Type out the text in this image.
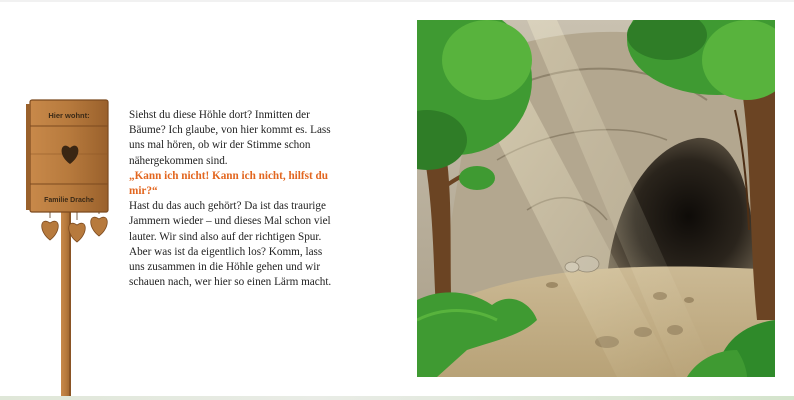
Hier wohnt:
Familie Drache

Siehst du diese Höhle dort? Inmitten der Bäume? Ich glaube, von hier kommt es. Lass uns mal hören, ob wir der Stimme schon nähergekommen sind.

„Kann ich nicht! Kann ich nicht, hilfst du mir?“

Hast du das auch gehört? Da ist das traurige Jammern wieder – und dieses Mal schon viel lauter. Wir sind also auf der richtigen Spur. Aber was ist da eigentlich los? Komm, lass uns zusammen in die Höhle gehen und wir schauen nach, wer hier so einen Lärm macht.
